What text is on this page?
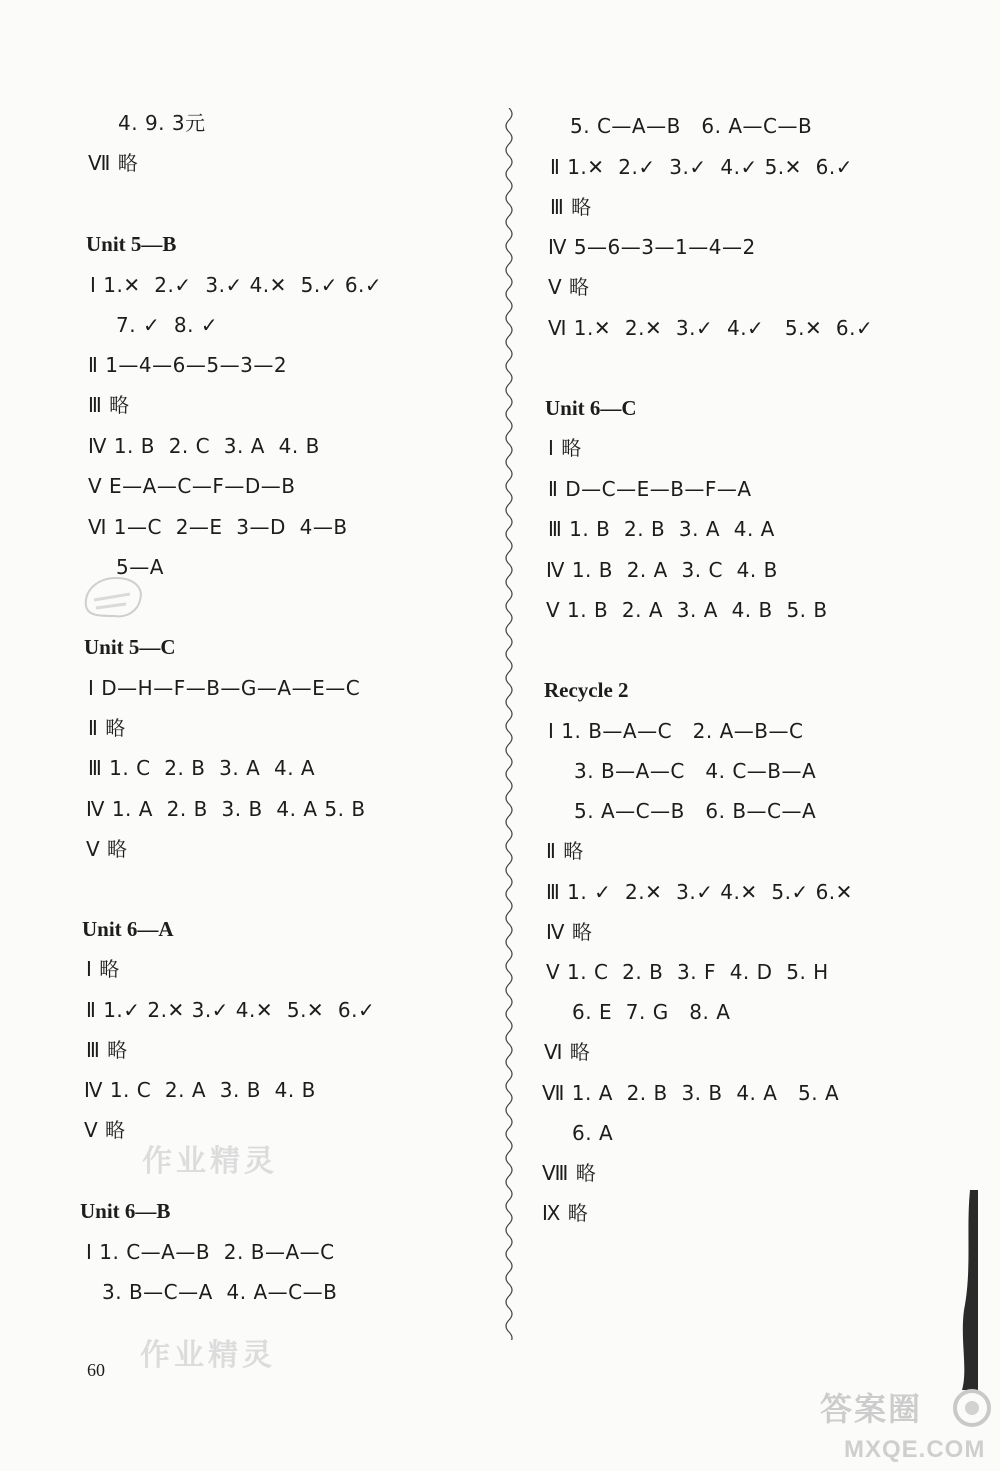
4. 9. 3元
Ⅶ 略
Unit 5—B
Ⅰ 1.✕  2.✓  3.✓ 4.✕  5.✓ 6.✓
7. ✓  8. ✓
Ⅱ 1—4—6—5—3—2
Ⅲ 略
Ⅳ 1. B  2. C  3. A  4. B
Ⅴ E—A—C—F—D—B
Ⅵ 1—C  2—E  3—D  4—B
5—A
Unit 5—C
Ⅰ D—H—F—B—G—A—E—C
Ⅱ 略
Ⅲ 1. C  2. B  3. A  4. A
Ⅳ 1. A  2. B  3. B  4. A 5. B
Ⅴ 略
Unit 6—A
Ⅰ 略
Ⅱ 1.✓ 2.✕ 3.✓ 4.✕  5.✕  6.✓
Ⅲ 略
Ⅳ 1. C  2. A  3. B  4. B
Ⅴ 略
作业精灵
Unit 6—B
Ⅰ 1. C—A—B  2. B—A—C
3. B—C—A  4. A—C—B
作业精灵
60
5. C—A—B   6. A—C—B
Ⅱ 1.✕  2.✓  3.✓  4.✓ 5.✕  6.✓
Ⅲ 略
Ⅳ 5—6—3—1—4—2
Ⅴ 略
Ⅵ 1.✕  2.✕  3.✓  4.✓   5.✕  6.✓
Unit 6—C
Ⅰ 略
Ⅱ D—C—E—B—F—A
Ⅲ 1. B  2. B  3. A  4. A
Ⅳ 1. B  2. A  3. C  4. B
Ⅴ 1. B  2. A  3. A  4. B  5. B
Recycle 2
Ⅰ 1. B—A—C   2. A—B—C
3. B—A—C   4. C—B—A
5. A—C—B   6. B—C—A
Ⅱ 略
Ⅲ 1. ✓  2.✕  3.✓ 4.✕  5.✓ 6.✕
Ⅳ 略
Ⅴ 1. C  2. B  3. F  4. D  5. H
6. E  7. G   8. A
Ⅵ 略
Ⅶ 1. A  2. B  3. B  4. A   5. A
6. A
Ⅷ 略
Ⅸ 略
答案圈
MXQE.COM
